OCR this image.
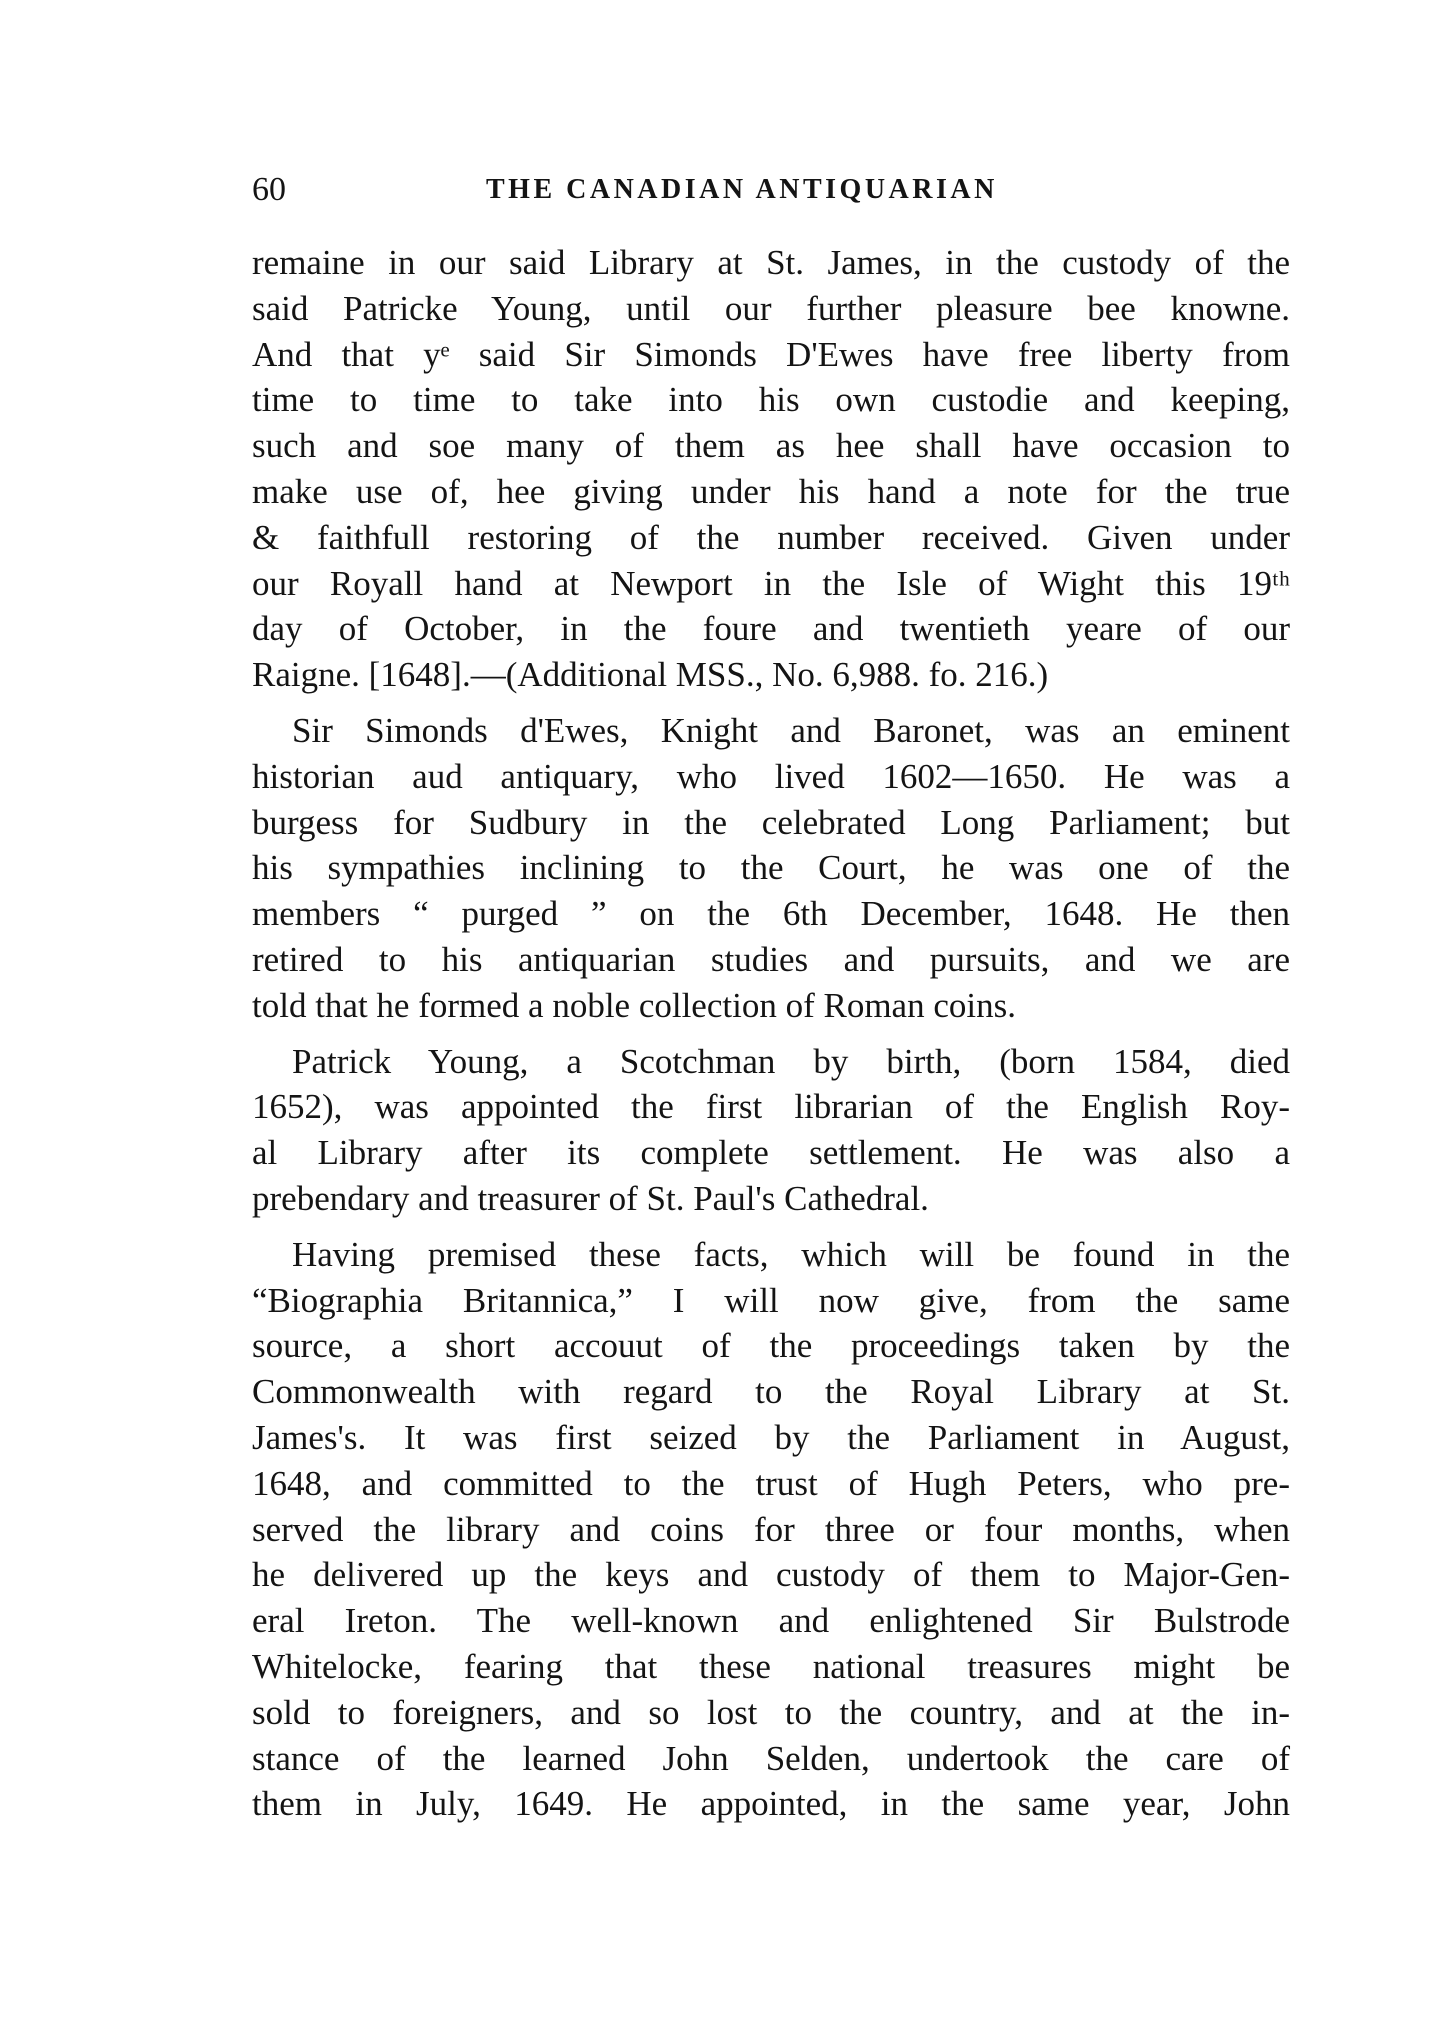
60	THE CANADIAN ANTIQUARIAN

remaine in our said Library at St. James, in the custody of the
said Patricke Young, until our further pleasure bee knowne.
And that yᵉ said Sir Simonds D'Ewes have free liberty from
time to time to take into his own custodie and keeping,
such and soe many of them as hee shall have occasion to
make use of, hee giving under his hand a note for the true
& faithfull restoring of the number received. Given under
our Royall hand at Newport in the Isle of Wight this 19ᵗʰ
day of October, in the foure and twentieth yeare of our
Raigne. [1648].—(Additional MSS., No. 6,988. fo. 216.)

Sir Simonds d'Ewes, Knight and Baronet, was an eminent
historian aud antiquary, who lived 1602—1650. He was a
burgess for Sudbury in the celebrated Long Parliament; but
his sympathies inclining to the Court, he was one of the
members “ purged ” on the 6th December, 1648. He then
retired to his antiquarian studies and pursuits, and we are
told that he formed a noble collection of Roman coins.

Patrick Young, a Scotchman by birth, (born 1584, died
1652), was appointed the first librarian of the English Roy-
al Library after its complete settlement. He was also a
prebendary and treasurer of St. Paul's Cathedral.

Having premised these facts, which will be found in the
“Biographia Britannica,” I will now give, from the same
source, a short accouut of the proceedings taken by the
Commonwealth with regard to the Royal Library at St.
James's. It was first seized by the Parliament in August,
1648, and committed to the trust of Hugh Peters, who pre-
served the library and coins for three or four months, when
he delivered up the keys and custody of them to Major-Gen-
eral Ireton. The well-known and enlightened Sir Bulstrode
Whitelocke, fearing that these national treasures might be
sold to foreigners, and so lost to the country, and at the in-
stance of the learned John Selden, undertook the care of
them in July, 1649. He appointed, in the same year, John
